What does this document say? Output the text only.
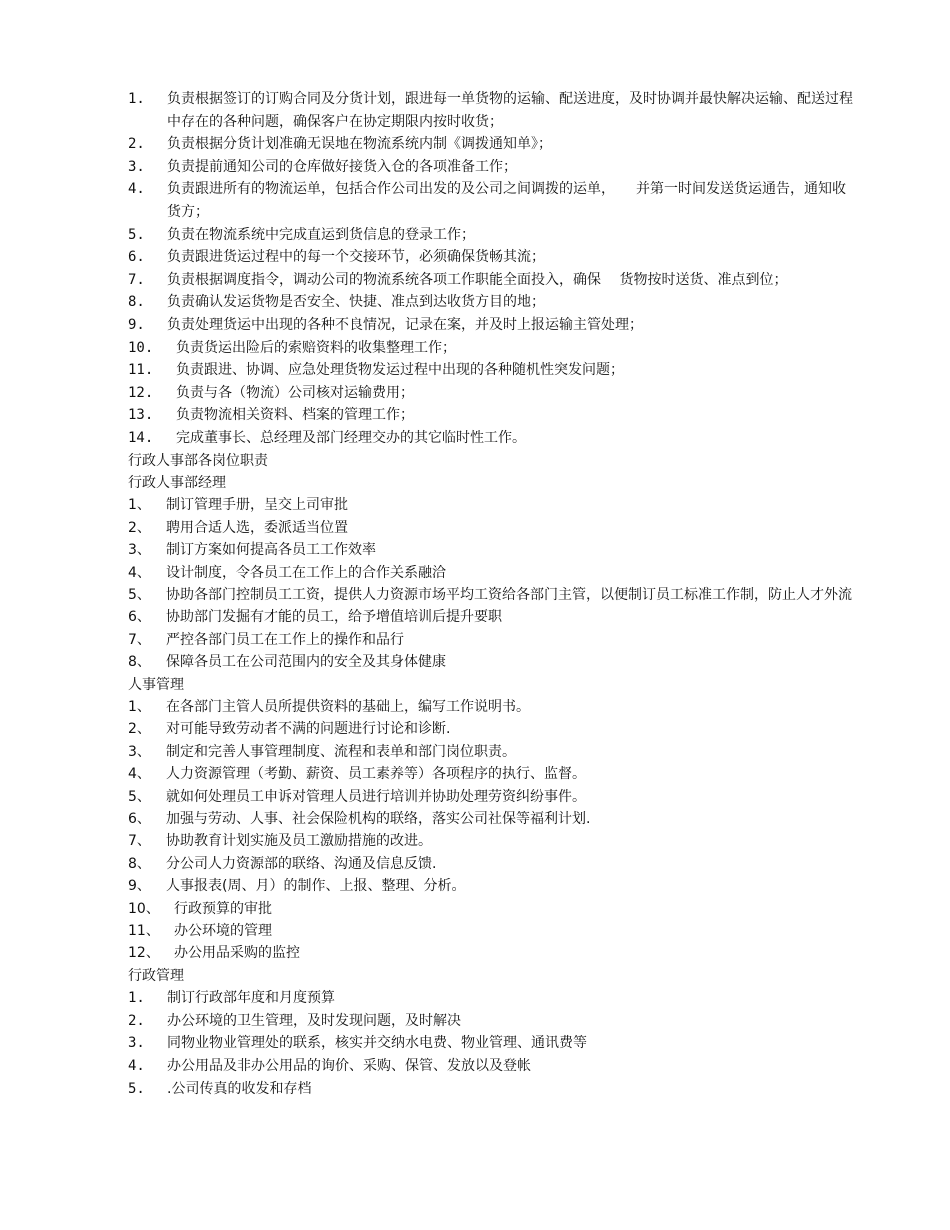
1. 负责根据签订的订购合同及分货计划，跟进每一单货物的运输、配送进度，及时协调并最快解决运输、配送过程中存在的各种问题，确保客户在协定期限内按时收货；
2. 负责根据分货计划准确无误地在物流系统内制《调拨通知单》；
3. 负责提前通知公司的仓库做好接货入仓的各项准备工作；
4. 负责跟进所有的物流运单，包括合作公司出发的及公司之间调拨的运单，　　并第一时间发送货运通告，通知收货方；
5. 负责在物流系统中完成直运到货信息的登录工作；
6. 负责跟进货运过程中的每一个交接环节，必须确保货畅其流；
7. 负责根据调度指令，调动公司的物流系统各项工作职能全面投入，确保　 货物按时送货、准点到位；
8. 负责确认发运货物是否安全、快捷、准点到达收货方目的地；
9. 负责处理货运中出现的各种不良情况，记录在案，并及时上报运输主管处理；
10. 负责货运出险后的索赔资料的收集整理工作；
11. 负责跟进、协调、应急处理货物发运过程中出现的各种随机性突发问题；
12. 负责与各（物流）公司核对运输费用；
13. 负责物流相关资料、档案的管理工作；
14. 完成董事长、总经理及部门经理交办的其它临时性工作。
行政人事部各岗位职责
行政人事部经理
1、 制订管理手册，呈交上司审批
2、 聘用合适人选，委派适当位置
3、 制订方案如何提高各员工工作效率
4、 设计制度，令各员工在工作上的合作关系融洽
5、 协助各部门控制员工工资，提供人力资源市场平均工资给各部门主管，以便制订员工标准工作制，防止人才外流
6、 协助部门发掘有才能的员工，给予增值培训后提升要职
7、 严控各部门员工在工作上的操作和品行
8、 保障各员工在公司范围内的安全及其身体健康
人事管理
1、 在各部门主管人员所提供资料的基础上，编写工作说明书。
2、 对可能导致劳动者不满的问题进行讨论和诊断.
3、 制定和完善人事管理制度、流程和表单和部门岗位职责。
4、 人力资源管理（考勤、薪资、员工素养等）各项程序的执行、监督。
5、 就如何处理员工申诉对管理人员进行培训并协助处理劳资纠纷事件。
6、 加强与劳动、人事、社会保险机构的联络，落实公司社保等福利计划.
7、 协助教育计划实施及员工激励措施的改进。
8、 分公司人力资源部的联络、沟通及信息反馈.
9、 人事报表(周、月）的制作、上报、整理、分析。
10、 行政预算的审批
11、 办公环境的管理
12、 办公用品采购的监控
行政管理
1. 制订行政部年度和月度预算
2. 办公环境的卫生管理，及时发现问题，及时解决
3. 同物业物业管理处的联系，核实并交纳水电费、物业管理、通讯费等
4. 办公用品及非办公用品的询价、采购、保管、发放以及登帐
5. .公司传真的收发和存档
